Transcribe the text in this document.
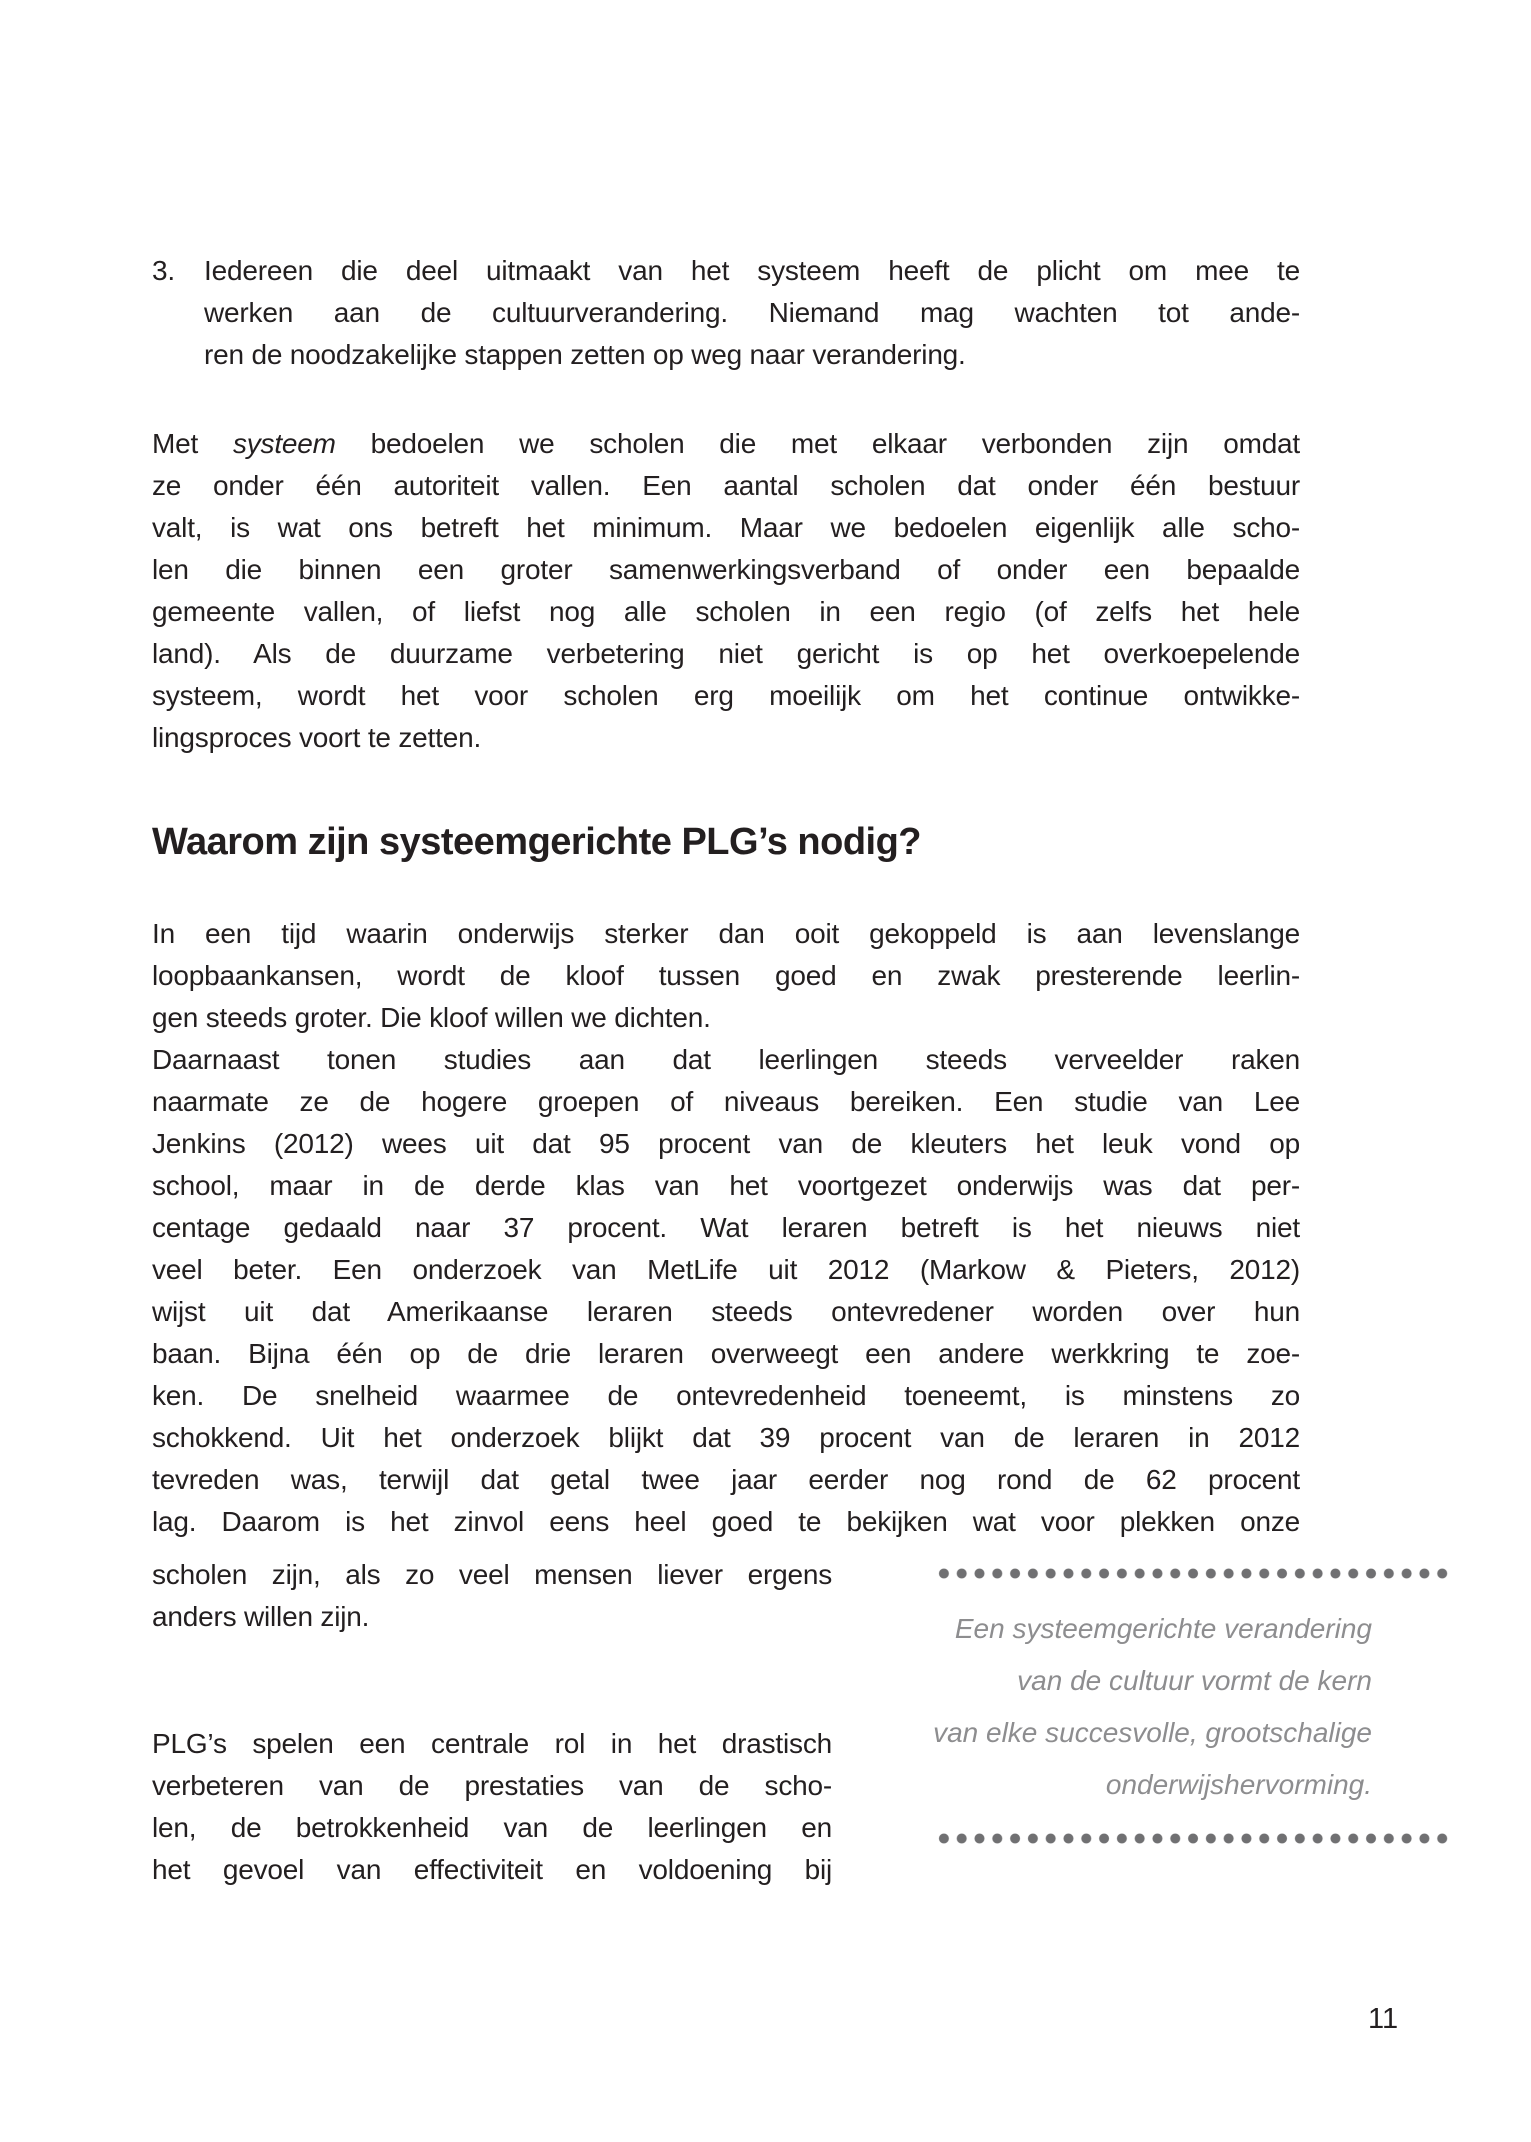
3.	Iedereen die deel uitmaakt van het systeem heeft de plicht om mee te
werken aan de cultuurverandering. Niemand mag wachten tot ande-
ren de noodzakelijke stappen zetten op weg naar verandering.
Met systeem bedoelen we scholen die met elkaar verbonden zijn omdat
ze onder één autoriteit vallen. Een aantal scholen dat onder één bestuur
valt, is wat ons betreft het minimum. Maar we bedoelen eigenlijk alle scho-
len die binnen een groter samenwerkingsverband of onder een bepaalde
gemeente vallen, of liefst nog alle scholen in een regio (of zelfs het hele
land). Als de duurzame verbetering niet gericht is op het overkoepelende
systeem, wordt het voor scholen erg moeilijk om het continue ontwikke-
lingsproces voort te zetten.
Waarom zijn systeemgerichte PLG’s nodig?
In een tijd waarin onderwijs sterker dan ooit gekoppeld is aan levenslange
loopbaankansen, wordt de kloof tussen goed en zwak presterende leerlin-
gen steeds groter. Die kloof willen we dichten.
Daarnaast tonen studies aan dat leerlingen steeds verveelder raken
naarmate ze de hogere groepen of niveaus bereiken. Een studie van Lee
Jenkins (2012) wees uit dat 95 procent van de kleuters het leuk vond op
school, maar in de derde klas van het voortgezet onderwijs was dat per-
centage gedaald naar 37 procent. Wat leraren betreft is het nieuws niet
veel beter. Een onderzoek van MetLife uit 2012 (Markow & Pieters, 2012)
wijst uit dat Amerikaanse leraren steeds ontevredener worden over hun
baan. Bijna één op de drie leraren overweegt een andere werkkring te zoe-
ken. De snelheid waarmee de ontevredenheid toeneemt, is minstens zo
schokkend. Uit het onderzoek blijkt dat 39 procent van de leraren in 2012
tevreden was, terwijl dat getal twee jaar eerder nog rond de 62 procent
lag. Daarom is het zinvol eens heel goed te bekijken wat voor plekken onze
scholen zijn, als zo veel mensen liever ergens
anders willen zijn.
PLG’s spelen een centrale rol in het drastisch
verbeteren van de prestaties van de scho-
len, de betrokkenheid van de leerlingen en
het gevoel van effectiviteit en voldoening bij
Een systeemgerichte verandering
van de cultuur vormt de kern
van elke succesvolle, grootschalige
onderwijshervorming.
11
